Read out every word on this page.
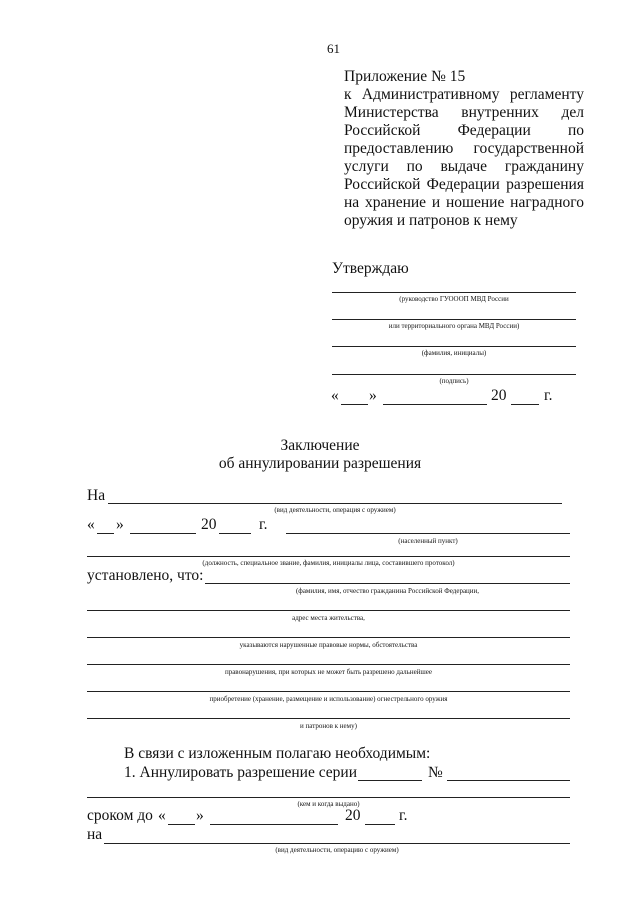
61
Приложение № 15
к Административному регламенту
Министерства внутренних дел
Российской Федерации по
предоставлению государственной
услуги по выдаче гражданину
Российской Федерации разрешения
на хранение и ношение наградного
оружия и патронов к нему
Утверждаю
(руководство ГУОООП МВД России
или территориального органа МВД России)
(фамилия, инициалы)
(подпись)
« »	20 г.
Заключение
об аннулировании разрешения
На
(вид деятельности, операция с оружием)
« »	20	г.
(населенный пункт)
(должность, специальное звание, фамилия, инициалы лица, составившего протокол)
установлено, что:
(фамилия, имя, отчество гражданина Российской Федерации,
адрес места жительства,
указываются нарушенные правовые нормы, обстоятельства
правонарушения, при которых не может быть разрешено дальнейшее
приобретение (хранение, размещение и использование) огнестрельного оружия
и патронов к нему)
В связи с изложенным полагаю необходимым:
1. Аннулировать разрешение серии	№
(кем и когда выдано)
сроком до « »	20 г.
на
(вид деятельности, операцию с оружием)
